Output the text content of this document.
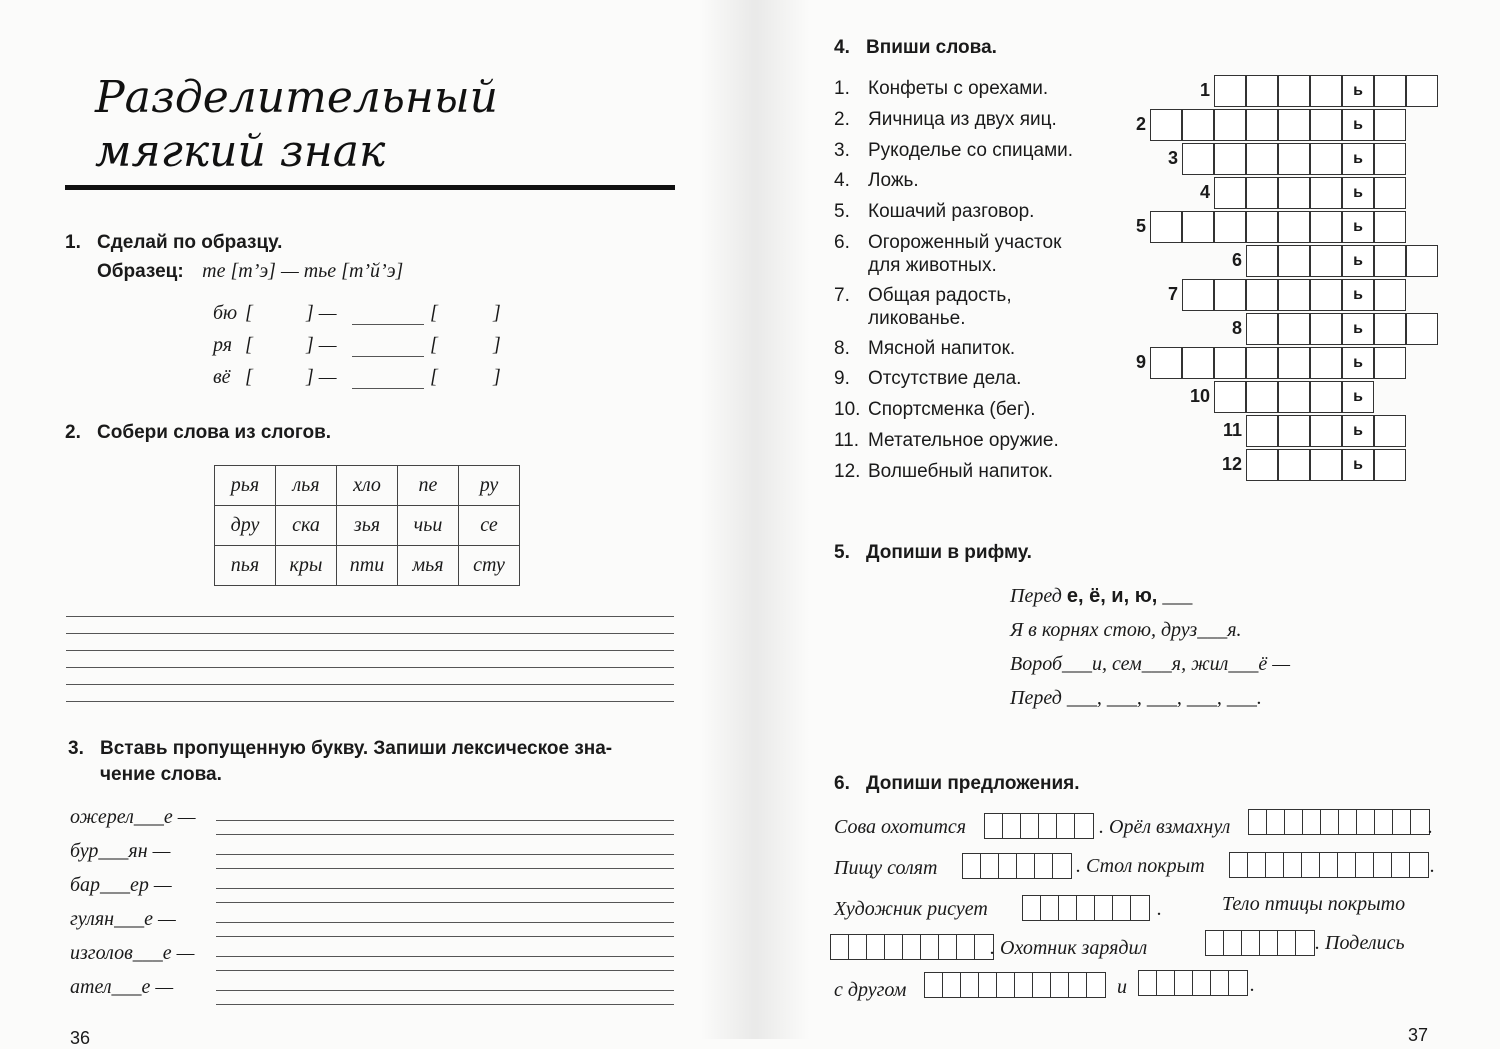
Разделительный
мягкий знак
1. Сделай по образцу.
Образец: те [т’э] — тье [т’й’э]
бю [	] —	[	]
ря [	] —	[	]
вё [	] —	[	]
2. Собери слова из слогов.
рья	лья	хло	пе	ру
дру	ска	зья	чьи	се
пья	кры	пти	мья	сту
3. Вставь пропущенную букву. Запиши лексическое зна-
чение слова.
ожерел___е —
бур___ян —
бар___ер —
гулян___е —
изголов___е —
ател___е —
36
4. Впиши слова.
1. Конфеты с орехами.
2. Яичница из двух яиц.
3. Рукоделье со спицами.
4. Ложь.
5. Кошачий разговор.
6. Огороженный участок
для животных.
7. Общая радость,
ликованье.
8. Мясной напиток.
9. Отсутствие дела.
10. Спортсменка (бег).
11. Метательное оружие.
12. Волшебный напиток.
1	ь
2	ь
3	ь
4	ь
5	ь
6	ь
7	ь
8	ь
9	ь
10	ь
11	ь
12	ь
5. Допиши в рифму.
Перед е, ё, и, ю, ___
Я в корнях стою, друз___я.
Вороб___и, сем___я, жил___ё —
Перед ___, ___, ___, ___, ___.
6. Допиши предложения.
Сова охотится	. Орёл взмахнул	.
Пищу солят	. Стол покрыт	.
Художник рисует	.	Тело птицы покрыто
. Охотник зарядил	. Поделись
с другом	и	.
37
